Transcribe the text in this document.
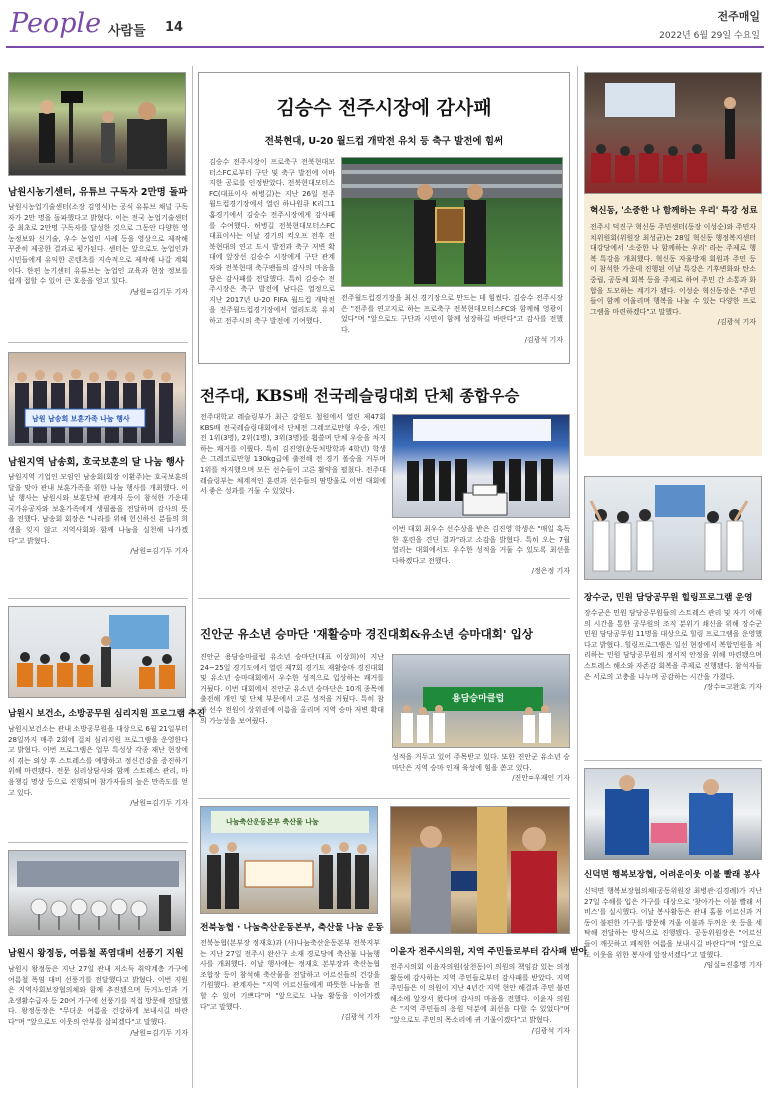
People 사람들 14
전주매일
2022년 6월 29일 수요일
남원시농기센터, 유튜브 구독자 2만명 돌파
남원시농업기술센터(소장 김영식)는 공식 유튜브 채널 구독자가 2만 명을 돌파했다고 밝혔다. 이는 전국 농업기술센터 중 최초로 2만명 구독자를 달성한 것으로 그동안 다양한 영농정보와 신기술, 우수 농업인 사례 등을 영상으로 제작해 꾸준히 제공한 결과로 평가된다. 센터는 앞으로도 농업인과 시민들에게 유익한 콘텐츠를 지속적으로 제작해 나갈 계획이다. 한편 농기센터 유튜브는 농업인 교육과 현장 정보를 쉽게 접할 수 있어 큰 호응을 얻고 있다.
/남원=김기두 기자
남원 남송회 보훈가족 나눔 행사
남원지역 남송회, 호국보훈의 달 나눔 행사
남원지역 기업인 모임인 남송회(회장 이환주)는 호국보훈의 달을 맞아 관내 보훈가족을 위한 나눔 행사를 개최했다. 이날 행사는 남원시와 보훈단체 관계자 등이 참석한 가운데 국가유공자와 보훈가족에게 생필품을 전달하며 감사의 뜻을 전했다. 남송회 회장은 "나라를 위해 헌신하신 분들의 희생을 잊지 않고 지역사회와 함께 나눔을 실천해 나가겠다"고 밝혔다.
/남원=김기두 기자
남원시 보건소, 소방공무원 심리지원 프로그램 추진
남원시보건소는 관내 소방공무원을 대상으로 6월 21일부터 28일까지 매주 2회에 걸쳐 심리지원 프로그램을 운영한다고 밝혔다. 이번 프로그램은 업무 특성상 각종 재난 현장에서 겪는 외상 후 스트레스를 예방하고 정신건강을 증진하기 위해 마련됐다. 전문 심리상담사와 함께 스트레스 관리, 마음챙김 명상 등으로 진행되며 참가자들의 높은 만족도를 얻고 있다.
/남원=김기두 기자
남원시 왕정동, 여름철 폭염대비 선풍기 지원
남원시 왕정동은 지난 27일 관내 저소득 취약계층 가구에 여름철 폭염 대비 선풍기를 전달했다고 밝혔다. 이번 지원은 지역사회보장협의체와 함께 추진됐으며 독거노인과 기초생활수급자 등 20여 가구에 선풍기를 직접 방문해 전달했다. 왕정동장은 "무더운 여름을 건강하게 보내시길 바란다"며 "앞으로도 이웃의 안부를 살피겠다"고 말했다.
/남원=김기두 기자
김승수 전주시장에 감사패
전북현대, U-20 월드컵 개막전 유치 등 축구 발전에 힘써
김승수 전주시장이 프로축구 전북현대모터스FC로부터 구단 및 축구 발전에 이바지한 공로를 인정받았다. 전북현대모터스FC(대표이사 허병길)는 지난 26일 전주월드컵경기장에서 열린 하나원큐 K리그1 홈경기에서 김승수 전주시장에게 감사패를 수여했다. 허병길 전북현대모터스FC 대표이사는 이날 경기의 킥오프 전후 전북현대의 연고 도시 발전과 축구 저변 확대에 앞장선 김승수 시장에게 구단 관계자와 전북현대 축구팬들의 감사의 마음을 담은 감사패를 전달했다. 특히 김승수 전주시장은 축구 발전에 남다른 열정으로 지난 2017년 U-20 FIFA 월드컵 개막전을 전주월드컵경기장에서 열리도록 유치하고 전주시의 축구 발전에 기여했다.
전주월드컵경기장을 최신 경기장으로 만드는 데 힘썼다. 김승수 전주시장은 "전주를 연고지로 하는 프로축구 전북현대모터스FC와 함께해 영광이었다"며 "앞으로도 구단과 시민이 함께 성장하길 바란다"고 감사를 전했다.
/김광석 기자
전주대, KBS배 전국레슬링대회 단체 종합우승
전주대학교 레슬링부가 최근 강원도 철원에서 열린 제47회 KBS배 전국레슬링대회에서 단체전 그레코로만형 우승, 개인전 1위(3명), 2위(1명), 3위(3명)를 휩쓸며 단체 우승을 차지하는 쾌거를 이뤘다. 특히 김진영(운동처방학과 4학년) 학생은 그레코로만형 130kg급에 출전해 전 경기 폴승을 거두며 1위를 차지했으며 모든 선수들이 고른 활약을 펼쳤다. 전주대 레슬링부는 체계적인 훈련과 선수들의 땀방울로 이번 대회에서 좋은 성과를 거둘 수 있었다.
이번 대회 최우수 선수상을 받은 김진영 학생은 "매일 혹독한 훈련을 견딘 결과"라고 소감을 밝혔다. 특히 오는 7월 열리는 대회에서도 우수한 성적을 거둘 수 있도록 최선을 다하겠다고 전했다.
/정은정 기자
진안군 유소년 승마단 '재활승마 경진대회&유소년 승마대회' 입상
진안군 용담승마클럽 유소년 승마단(대표 이상희)이 지난 24~25일 경기도에서 열린 제7회 경기도 재활승마 경진대회 및 유소년 승마대회에서 우수한 성적으로 입상하는 쾌거를 거뒀다. 이번 대회에서 진안군 유소년 승마단은 10개 종목에 출전해 개인 및 단체 부문에서 고른 성적을 거뒀다. 특히 참가 선수 전원이 상위권에 이름을 올리며 지역 승마 저변 확대의 가능성을 보여줬다.
용담승마클럽
성적을 거두고 있어 주목받고 있다. 또한 진안군 유소년 승마단은 지역 승마 인재 육성에 힘을 쏟고 있다.
/진안=우재인 기자
나눔축산운동본부 축산물 나눔
전북농협 · 나눔축산운동본부, 축산물 나눔 운동
전북농협(본부장 정재호)과 (사)나눔축산운동본부 전북지부는 지난 27일 전주시 완산구 소재 경로당에 축산물 나눔행사를 개최했다. 이날 행사에는 정재호 본부장과 축산농협 조합장 등이 참석해 축산물을 전달하고 어르신들의 건강을 기원했다. 관계자는 "지역 어르신들에게 따뜻한 나눔을 전할 수 있어 기쁘다"며 "앞으로도 나눔 활동을 이어가겠다"고 말했다.
/김광석 기자
이윤자 전주시의원, 지역 주민들로부터 감사패 받아
전주시의회 이윤자의원(삼천동)이 의원의 책임감 있는 의정활동에 감사하는 지역 주민들로부터 감사패를 받았다. 지역 주민들은 이 의원이 지난 4년간 지역 현안 해결과 주민 불편 해소에 앞장서 왔다며 감사의 마음을 전했다. 이윤자 의원은 "지역 주민들의 응원 덕분에 최선을 다할 수 있었다"며 "앞으로도 주민의 목소리에 귀 기울이겠다"고 밝혔다.
/김광석 기자
혁신동, '소중한 나 함께하는 우리' 특강 성료
전주시 덕진구 혁신동 주민센터(동장 이성순)와 주민자치위원회(위원장 최성균)는 28일 혁신동 행정복지센터 대강당에서 '소중한 나 함께하는 우리' 라는 주제로 행복 특강을 개최했다. 혁신동 자율방재 회원과 주민 등이 참석한 가운데 진행된 이날 특강은 기후변화와 탄소중립, 공동체 회복 등을 주제로 하여 주민 간 소통과 화합을 도모하는 계기가 됐다. 이성순 혁신동장은 "주민들이 함께 어울리며 행복을 나눌 수 있는 다양한 프로그램을 마련하겠다"고 말했다.
/김광석 기자
장수군, 민원 담당공무원 힐링프로그램 운영
장수군은 민원 담당공무원들의 스트레스 관리 및 자기 이해의 시간을 통한 공무원의 조직 분위기 쇄신을 위해 장수군 민원 담당공무원 11명을 대상으로 힐링 프로그램을 운영했다고 밝혔다. 힐링프로그램은 일선 현장에서 복합민원을 처리하는 민원 담당공무원의 정서적 안정을 위해 마련됐으며 스트레스 해소와 자존감 회복을 주제로 진행됐다. 참석자들은 서로의 고충을 나누며 공감하는 시간을 가졌다.
/장수=고완호 기자
신덕면 행복보장협, 어려운이웃 이불 빨래 봉사
신덕면 행복보장협의체(공동위원장 최병관·김경례)가 지난 27일 수해를 입은 가구를 대상으로 '찾아가는 이불 빨래 서비스'를 실시했다. 이날 봉사활동은 관내 홀몸 어르신과 거동이 불편한 가구를 방문해 겨울 이불과 두꺼운 옷 등을 세탁해 전달하는 방식으로 진행됐다. 공동위원장은 "어르신들이 깨끗하고 쾌적한 여름을 보내시길 바란다"며 "앞으로도 이웃을 위한 봉사에 앞장서겠다"고 말했다.
/임실=진홍명 기자
